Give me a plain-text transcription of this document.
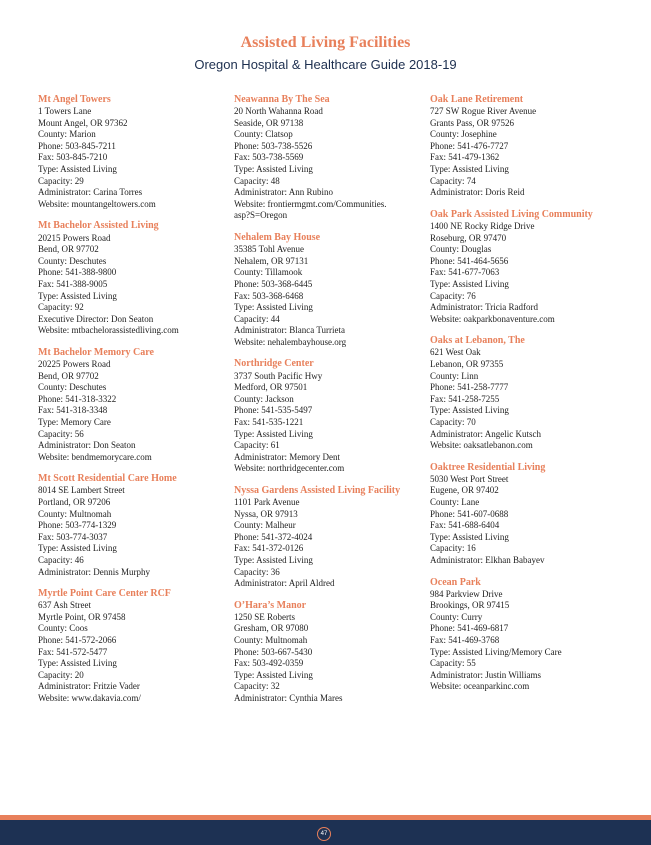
Assisted Living Facilities
Oregon Hospital & Healthcare Guide 2018-19
Mt Angel Towers
1 Towers Lane
Mount Angel, OR 97362
County: Marion
Phone: 503-845-7211
Fax: 503-845-7210
Type: Assisted Living
Capacity: 29
Administrator: Carina Torres
Website: mountangeltowers.com
Mt Bachelor Assisted Living
20215 Powers Road
Bend, OR 97702
County: Deschutes
Phone: 541-388-9800
Fax: 541-388-9005
Type: Assisted Living
Capacity: 92
Executive Director: Don Seaton
Website: mtbachelorassistedliving.com
Mt Bachelor Memory Care
20225 Powers Road
Bend, OR 97702
County: Deschutes
Phone: 541-318-3322
Fax: 541-318-3348
Type: Memory Care
Capacity: 56
Administrator: Don Seaton
Website: bendmemorycare.com
Mt Scott Residential Care Home
8014 SE Lambert Street
Portland, OR 97206
County: Multnomah
Phone: 503-774-1329
Fax: 503-774-3037
Type: Assisted Living
Capacity: 46
Administrator: Dennis Murphy
Myrtle Point Care Center RCF
637 Ash Street
Myrtle Point, OR 97458
County: Coos
Phone: 541-572-2066
Fax: 541-572-5477
Type: Assisted Living
Capacity: 20
Administrator: Fritzie Vader
Website: www.dakavia.com/
Neawanna By The Sea
20 North Wahanna Road
Seaside, OR 97138
County: Clatsop
Phone: 503-738-5526
Fax: 503-738-5569
Type: Assisted Living
Capacity: 48
Administrator: Ann Rubino
Website: frontiermgmt.com/Communities.
asp?S=Oregon
Nehalem Bay House
35385 Tohl Avenue
Nehalem, OR 97131
County: Tillamook
Phone: 503-368-6445
Fax: 503-368-6468
Type: Assisted Living
Capacity: 44
Administrator: Blanca Turrieta
Website: nehalembayhouse.org
Northridge Center
3737 South Pacific Hwy
Medford, OR 97501
County: Jackson
Phone: 541-535-5497
Fax: 541-535-1221
Type: Assisted Living
Capacity: 61
Administrator: Memory Dent
Website: northridgecenter.com
Nyssa Gardens Assisted Living Facility
1101 Park Avenue
Nyssa, OR 97913
County: Malheur
Phone: 541-372-4024
Fax: 541-372-0126
Type: Assisted Living
Capacity: 36
Administrator: April Aldred
O’Hara’s Manor
1250 SE Roberts
Gresham, OR 97080
County: Multnomah
Phone: 503-667-5430
Fax: 503-492-0359
Type: Assisted Living
Capacity: 32
Administrator: Cynthia Mares
Oak Lane Retirement
727 SW Rogue River Avenue
Grants Pass, OR 97526
County: Josephine
Phone: 541-476-7727
Fax: 541-479-1362
Type: Assisted Living
Capacity: 74
Administrator: Doris Reid
Oak Park Assisted Living Community
1400 NE Rocky Ridge Drive
Roseburg, OR 97470
County: Douglas
Phone: 541-464-5656
Fax: 541-677-7063
Type: Assisted Living
Capacity: 76
Administrator: Tricia Radford
Website: oakparkbonaventure.com
Oaks at Lebanon, The
621 West Oak
Lebanon, OR 97355
County: Linn
Phone: 541-258-7777
Fax: 541-258-7255
Type: Assisted Living
Capacity: 70
Administrator: Angelic Kutsch
Website: oaksatlebanon.com
Oaktree Residential Living
5030 West Port Street
Eugene, OR 97402
County: Lane
Phone: 541-607-0688
Fax: 541-688-6404
Type: Assisted Living
Capacity: 16
Administrator: Elkhan Babayev
Ocean Park
984 Parkview Drive
Brookings, OR 97415
County: Curry
Phone: 541-469-6817
Fax: 541-469-3768
Type: Assisted Living/Memory Care
Capacity: 55
Administrator: Justin Williams
Website: oceanparkinc.com
47
